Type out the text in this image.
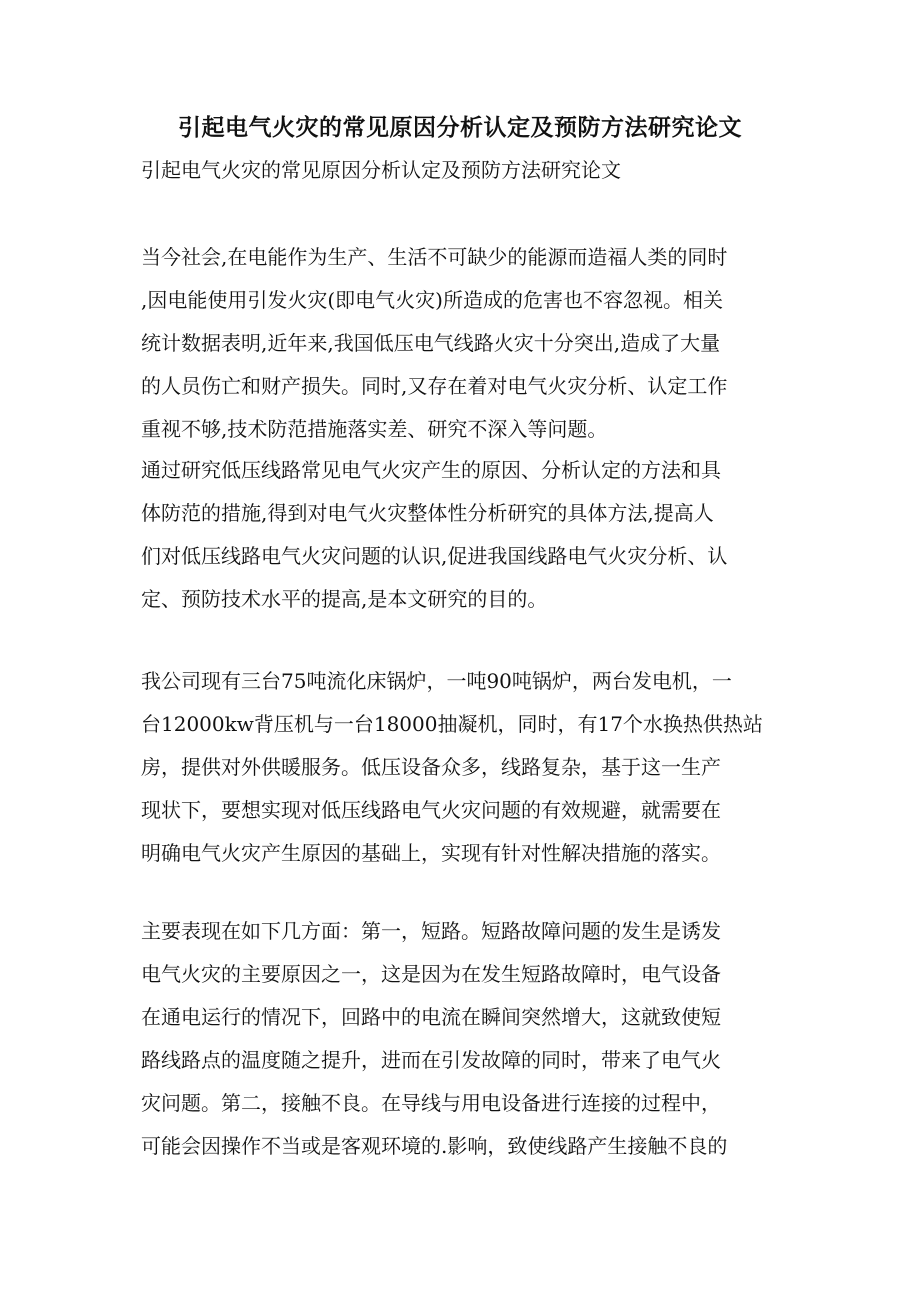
引起电气火灾的常见原因分析认定及预防方法研究论文
引起电气火灾的常见原因分析认定及预防方法研究论文
当今社会,在电能作为生产、生活不可缺少的能源而造福人类的同时
,因电能使用引发火灾(即电气火灾)所造成的危害也不容忽视。相关
统计数据表明,近年来,我国低压电气线路火灾十分突出,造成了大量
的人员伤亡和财产损失。同时,又存在着对电气火灾分析、认定工作
重视不够,技术防范措施落实差、研究不深入等问题。
通过研究低压线路常见电气火灾产生的原因、分析认定的方法和具
体防范的措施,得到对电气火灾整体性分析研究的具体方法,提高人
们对低压线路电气火灾问题的认识,促进我国线路电气火灾分析、认
定、预防技术水平的提高,是本文研究的目的。
我公司现有三台75吨流化床锅炉，一吨90吨锅炉，两台发电机，一
台12000kw背压机与一台18000抽凝机，同时，有17个水换热供热站
房，提供对外供暖服务。低压设备众多，线路复杂，基于这一生产
现状下，要想实现对低压线路电气火灾问题的有效规避，就需要在
明确电气火灾产生原因的基础上，实现有针对性解决措施的落实。
主要表现在如下几方面：第一，短路。短路故障问题的发生是诱发
电气火灾的主要原因之一，这是因为在发生短路故障时，电气设备
在通电运行的情况下，回路中的电流在瞬间突然增大，这就致使短
路线路点的温度随之提升，进而在引发故障的同时，带来了电气火
灾问题。第二，接触不良。在导线与用电设备进行连接的过程中，
可能会因操作不当或是客观环境的.影响，致使线路产生接触不良的
